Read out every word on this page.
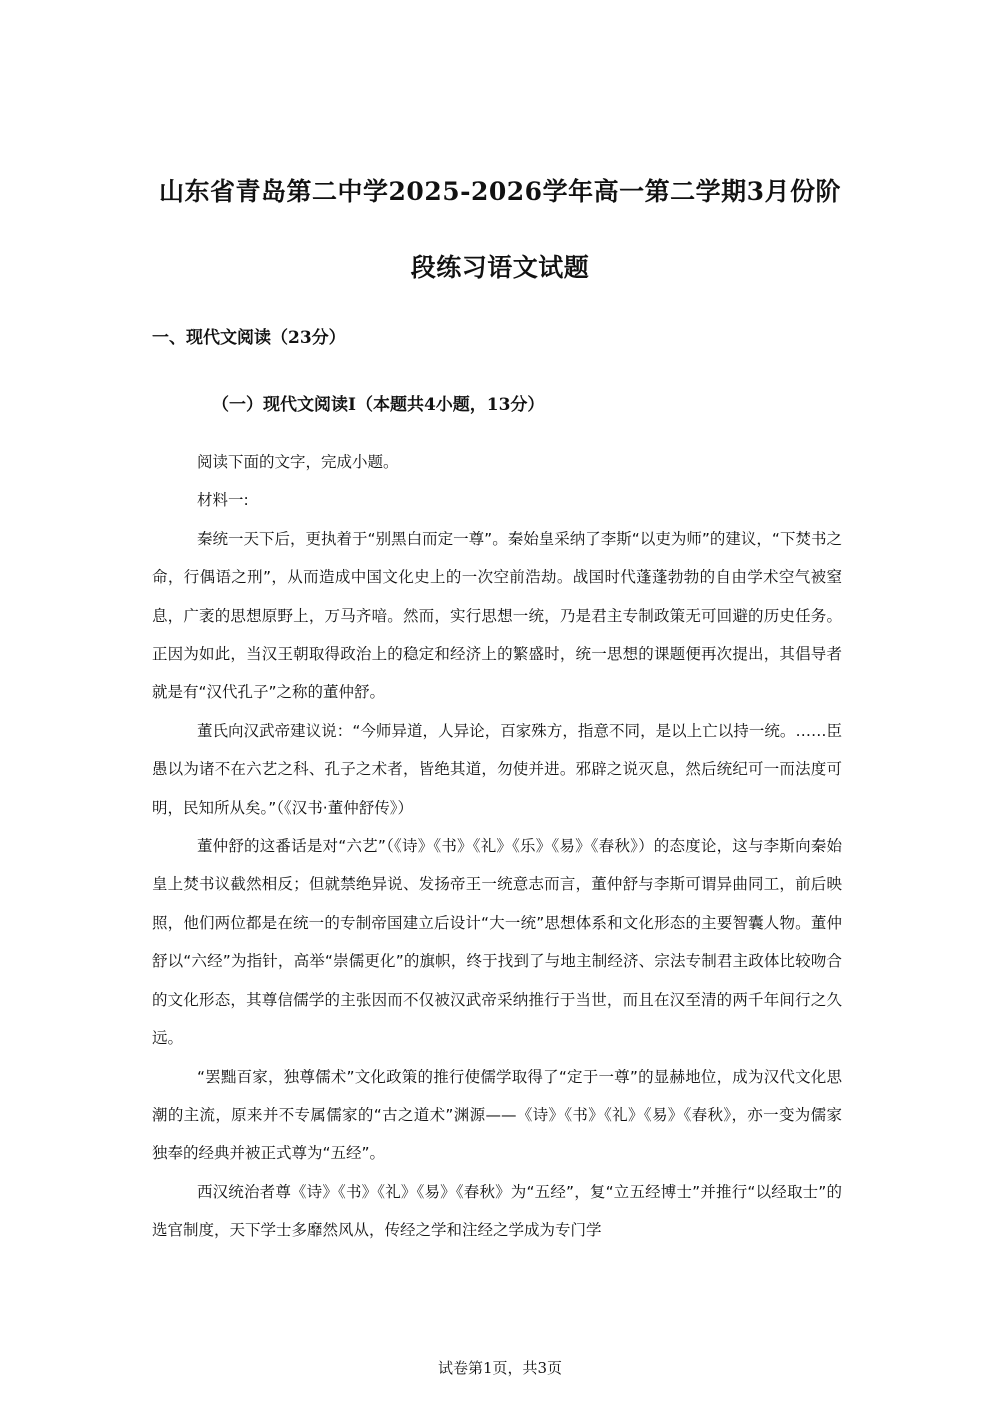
山东省青岛第二中学2025-2026学年高一第二学期3月份阶
段练习语文试题
一、现代文阅读（23分）
（一）现代文阅读Ⅰ（本题共4小题，13分）

阅读下面的文字，完成小题。

材料一:

秦统一天下后，更执着于“别黑白而定一尊”。秦始皇采纳了李斯“以吏为师”的建议，“下焚书之命，行偶语之刑”，从而造成中国文化史上的一次空前浩劫。战国时代蓬蓬勃勃的自由学术空气被窒息，广袤的思想原野上，万马齐喑。然而，实行思想一统，乃是君主专制政策无可回避的历史任务。正因为如此，当汉王朝取得政治上的稳定和经济上的繁盛时，统一思想的课题便再次提出，其倡导者就是有“汉代孔子”之称的董仲舒。

董氏向汉武帝建议说：“今师异道，人异论，百家殊方，指意不同，是以上亡以持一统。……臣愚以为诸不在六艺之科、孔子之术者，皆绝其道，勿使并进。邪辟之说灭息，然后统纪可一而法度可明，民知所从矣。”（《汉书·董仲舒传》）

董仲舒的这番话是对“六艺”（《诗》《书》《礼》《乐》《易》《春秋》）的态度论，这与李斯向秦始皇上焚书议截然相反；但就禁绝异说、发扬帝王一统意志而言，董仲舒与李斯可谓异曲同工，前后映照，他们两位都是在统一的专制帝国建立后设计“大一统”思想体系和文化形态的主要智囊人物。董仲舒以“六经”为指针，高举“崇儒更化”的旗帜，终于找到了与地主制经济、宗法专制君主政体比较吻合的文化形态，其尊信儒学的主张因而不仅被汉武帝采纳推行于当世，而且在汉至清的两千年间行之久远。

“罢黜百家，独尊儒术”文化政策的推行使儒学取得了“定于一尊”的显赫地位，成为汉代文化思潮的主流，原来并不专属儒家的“古之道术”渊源——《诗》《书》《礼》《易》《春秋》，亦一变为儒家独奉的经典并被正式尊为“五经”。

西汉统治者尊《诗》《书》《礼》《易》《春秋》为“五经”，复“立五经博士”并推行“以经取士”的选官制度，天下学士多靡然风从，传经之学和注经之学成为专门学

试卷第1页，共3页
